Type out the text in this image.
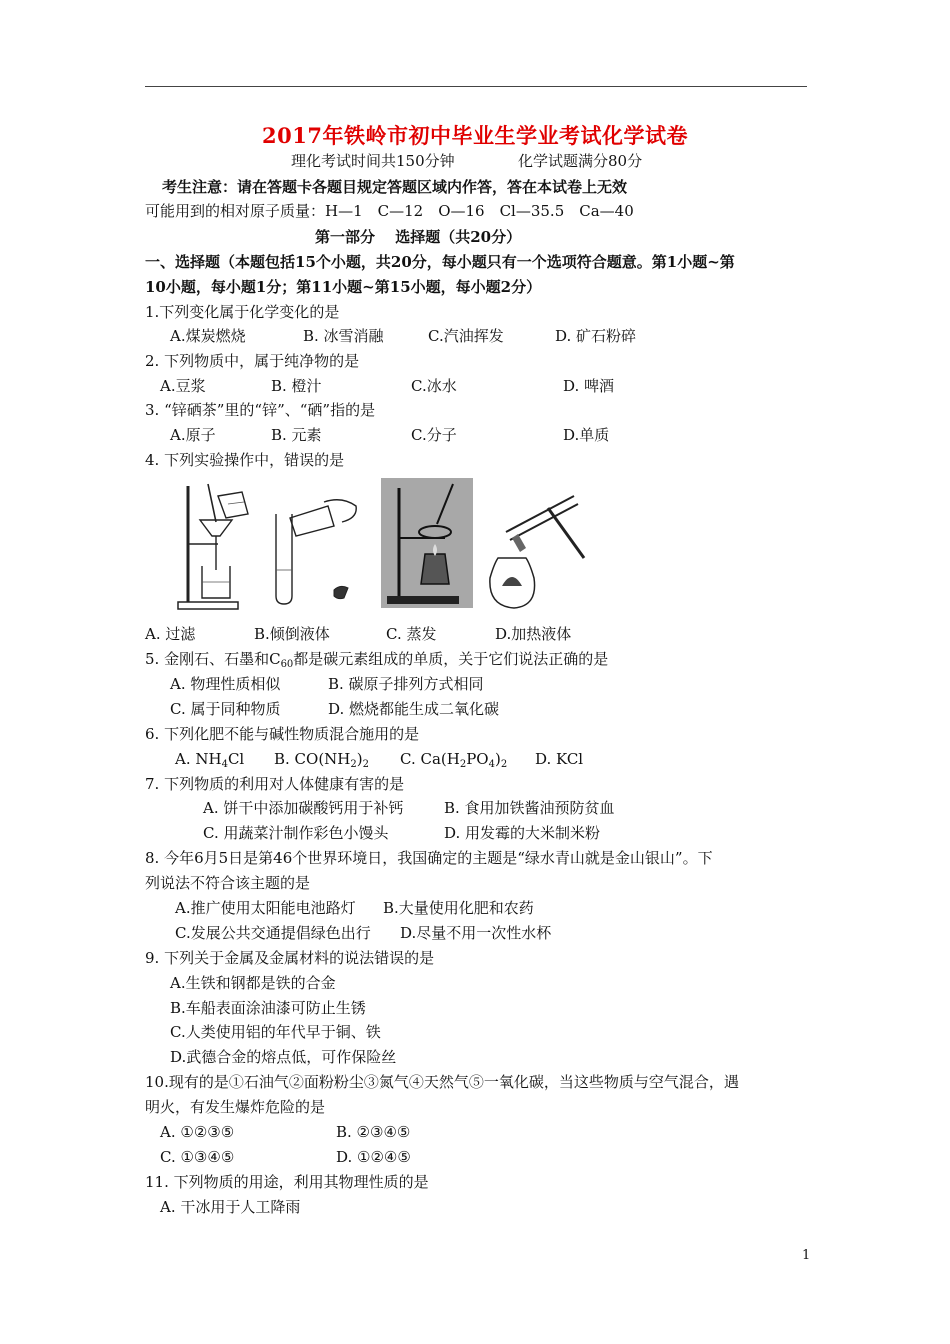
2017年铁岭市初中毕业生学业考试化学试卷
理化考试时间共150分钟	化学试题满分80分
考生注意：请在答题卡各题目规定答题区域内作答，答在本试卷上无效
可能用到的相对原子质量：H—1　C—12　O—16　Cl—35.5　Ca—40
第一部分　 选择题（共20分）
一、选择题（本题包括15个小题，共20分，每小题只有一个选项符合题意。第1小题~第
10小题，每小题1分；第11小题~第15小题，每小题2分）
1.下列变化属于化学变化的是
A.煤炭燃烧	B. 冰雪消融	C.汽油挥发	D. 矿石粉碎
2. 下列物质中，属于纯净物的是
A.豆浆	B. 橙汁	C.冰水	D. 啤酒
3. “锌硒茶”里的“锌”、“硒”指的是
A.原子	B. 元素	C.分子	D.单质
4. 下列实验操作中，错误的是
A. 过滤	B.倾倒液体	C. 蒸发	D.加热液体
5. 金刚石、石墨和$C_{60}$都是碳元素组成的单质，关于它们说法正确的是
A. 物理性质相似	B. 碳原子排列方式相同
C. 属于同种物质	D. 燃烧都能生成二氧化碳
6. 下列化肥不能与碱性物质混合施用的是
A. $NH_4Cl$ B. $CO(NH_2)_2$ C. $Ca(H_2PO_4)_2$ D. KCl
7. 下列物质的利用对人体健康有害的是
A. 饼干中添加碳酸钙用于补钙	B. 食用加铁酱油预防贫血
C. 用蔬菜汁制作彩色小馒头	D. 用发霉的大米制米粉
8. 今年6月5日是第46个世界环境日，我国确定的主题是“绿水青山就是金山银山”。下
列说法不符合该主题的是
A.推广使用太阳能电池路灯 B.大量使用化肥和农药
C.发展公共交通提倡绿色出行 D.尽量不用一次性水杯
9. 下列关于金属及金属材料的说法错误的是
A.生铁和钢都是铁的合金
B.车船表面涂油漆可防止生锈
C.人类使用铝的年代早于铜、铁
D.武德合金的熔点低，可作保险丝
10.现有的是①石油气②面粉粉尘③氮气④天然气⑤一氧化碳，当这些物质与空气混合，遇
明火，有发生爆炸危险的是
A. ①②③⑤	B. ②③④⑤
C. ①③④⑤	D. ①②④⑤
11. 下列物质的用途，利用其物理性质的是
A. 干冰用于人工降雨
1
